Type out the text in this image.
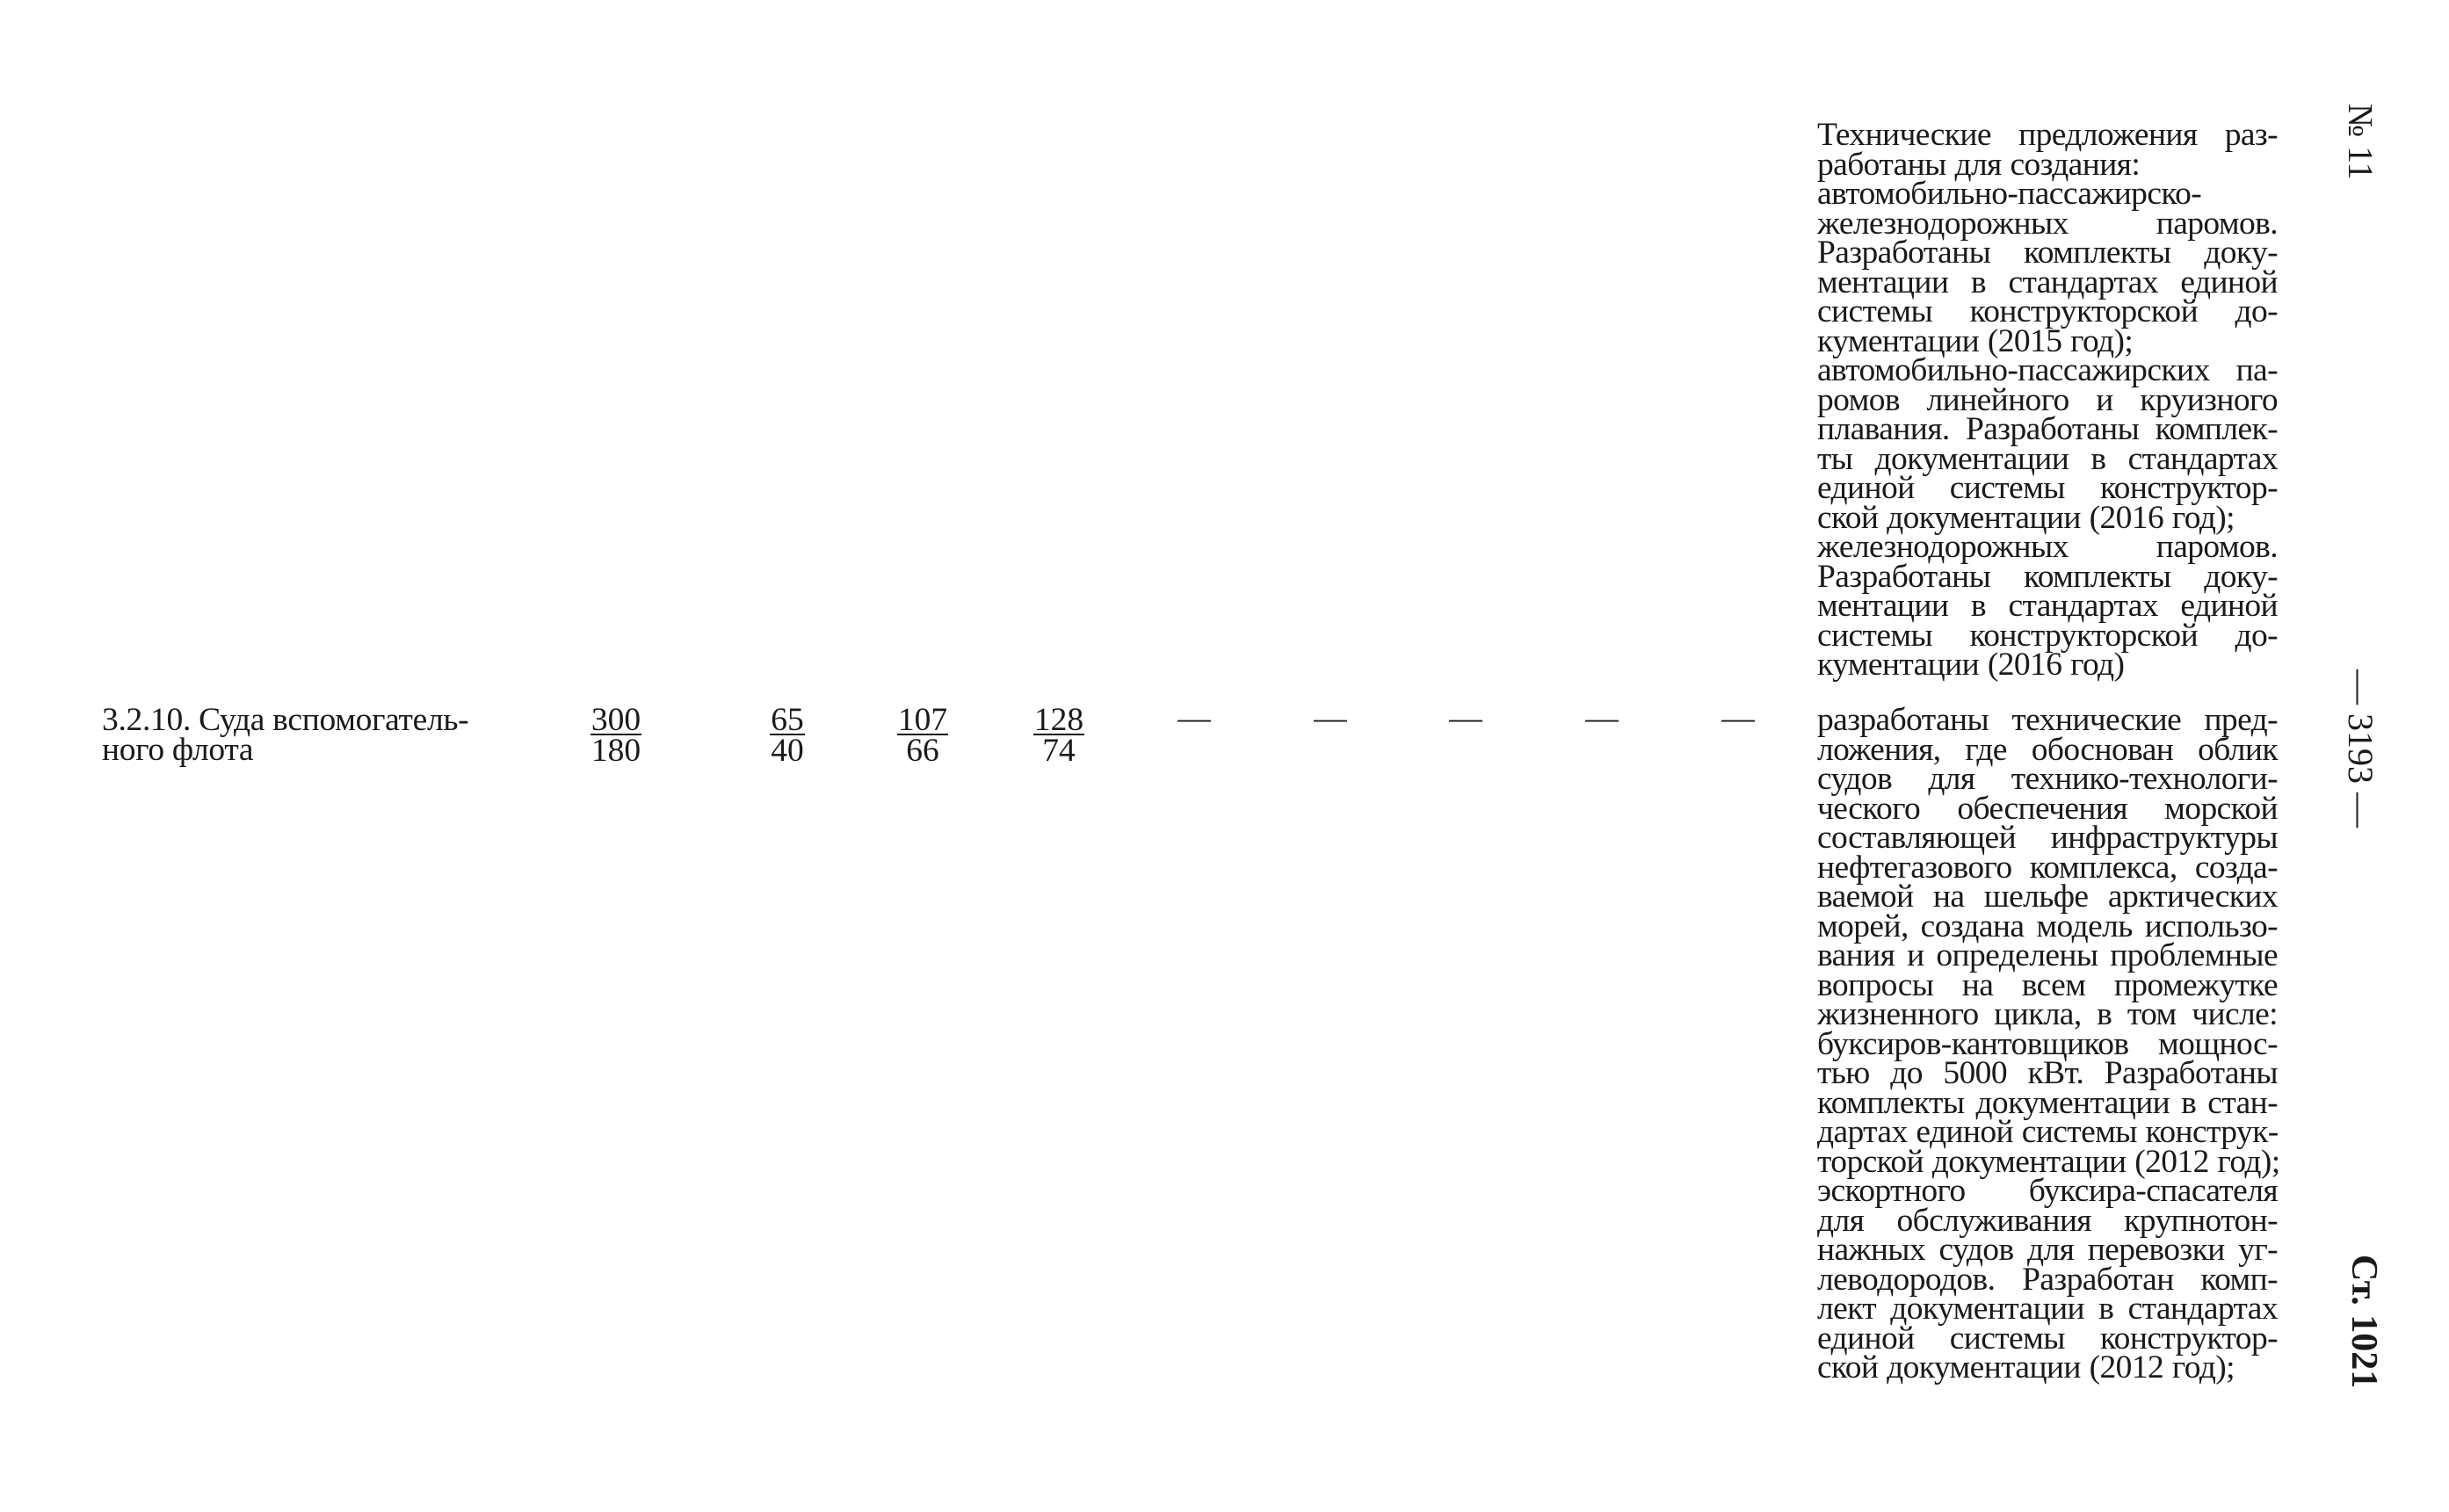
Технические предложения раз-
работаны для создания:
автомобильно-пассажирско-
железнодорожных паромов.
Разработаны комплекты доку-
ментации в стандартах единой
системы конструкторской до-
кументации (2015 год);
автомобильно-пассажирских па-
ромов линейного и круизного
плавания. Разработаны комплек-
ты документации в стандартах
единой системы конструктор-
ской документации (2016 год);
железнодорожных паромов.
Разработаны комплекты доку-
ментации в стандартах единой
системы конструкторской до-
кументации (2016 год)
3.2.10. Суда вспомогатель-
ного флота	$\frac{300}{180} \frac{65}{40} \frac{107}{66} \frac{128}{74}$	—	—	—	—	—	разработаны технические пред-
ложения, где обоснован облик
судов для технико-технологи-
ческого обеспечения морской
составляющей инфраструктуры
нефтегазового комплекса, созда-
ваемой на шельфе арктических
морей, создана модель использо-
вания и определены проблемные
вопросы на всем промежутке
жизненного цикла, в том числе:
буксиров-кантовщиков мощнос-
тью до 5000 кВт. Разработаны
комплекты документации в стан-
дартах единой системы конструк-
торской документации (2012 год);
эскортного буксира-спасателя
для обслуживания крупнотон-
нажных судов для перевозки уг-
леводородов. Разработан комп-
лект документации в стандартах
единой системы конструктор-
ской документации (2012 год);
№ 11
— 3193 —
Ст. 1021
